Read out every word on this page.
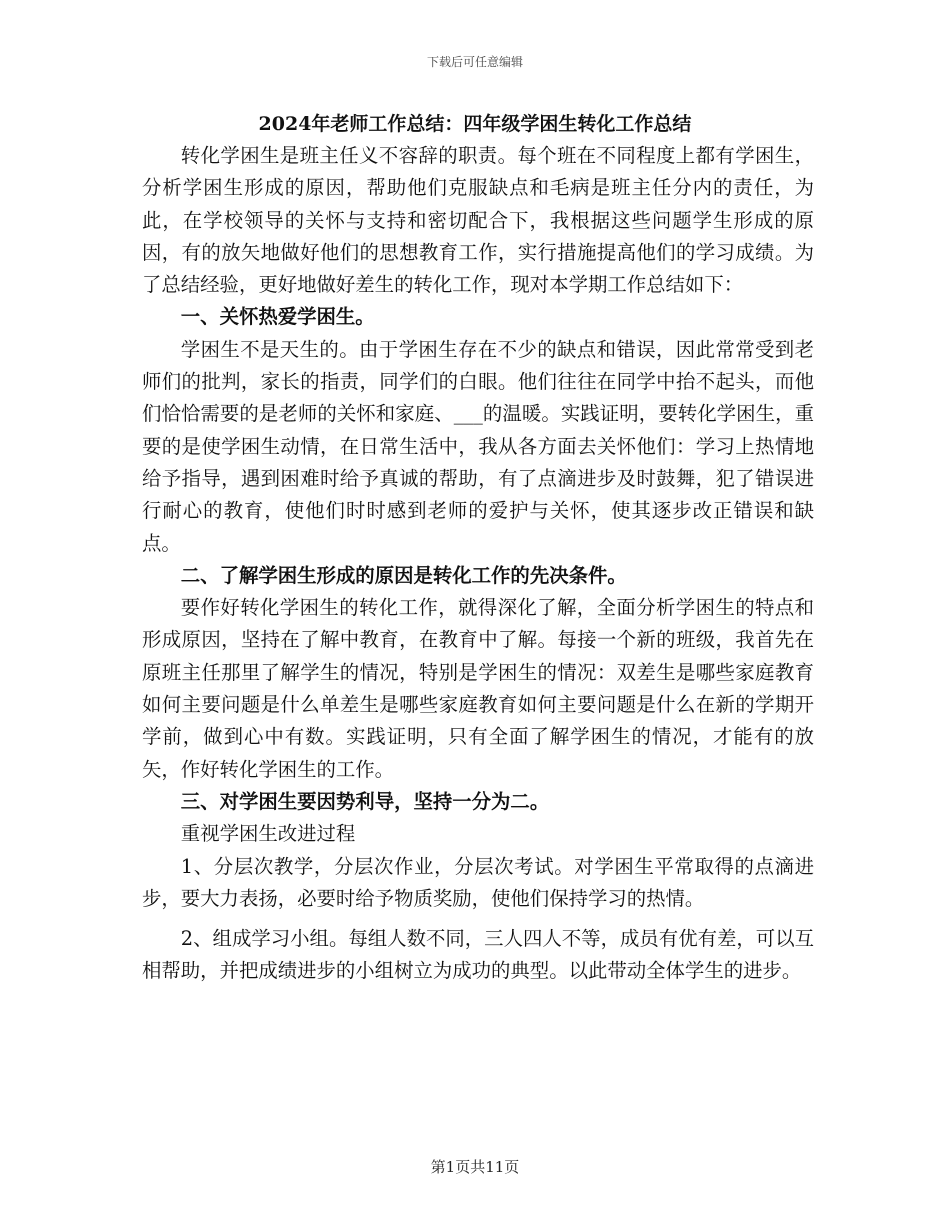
下载后可任意编辑
2024年老师工作总结：四年级学困生转化工作总结

转化学困生是班主任义不容辞的职责。每个班在不同程度上都有学困生，分析学困生形成的原因，帮助他们克服缺点和毛病是班主任分内的责任，为此，在学校领导的关怀与支持和密切配合下，我根据这些问题学生形成的原因，有的放矢地做好他们的思想教育工作，实行措施提高他们的学习成绩。为了总结经验，更好地做好差生的转化工作，现对本学期工作总结如下：

一、关怀热爱学困生。

学困生不是天生的。由于学困生存在不少的缺点和错误，因此常常受到老师们的批判，家长的指责，同学们的白眼。他们往往在同学中抬不起头，而他们恰恰需要的是老师的关怀和家庭、___的温暖。实践证明，要转化学困生，重要的是使学困生动情，在日常生活中，我从各方面去关怀他们：学习上热情地给予指导，遇到困难时给予真诚的帮助，有了点滴进步及时鼓舞，犯了错误进行耐心的教育，使他们时时感到老师的爱护与关怀，使其逐步改正错误和缺点。

二、了解学困生形成的原因是转化工作的先决条件。

要作好转化学困生的转化工作，就得深化了解，全面分析学困生的特点和形成原因，坚持在了解中教育，在教育中了解。每接一个新的班级，我首先在原班主任那里了解学生的情况，特别是学困生的情况：双差生是哪些家庭教育如何主要问题是什么单差生是哪些家庭教育如何主要问题是什么在新的学期开学前，做到心中有数。实践证明，只有全面了解学困生的情况，才能有的放矢，作好转化学困生的工作。

三、对学困生要因势利导，坚持一分为二。

重视学困生改进过程

1、分层次教学，分层次作业，分层次考试。对学困生平常取得的点滴进步，要大力表扬，必要时给予物质奖励，使他们保持学习的热情。

2、组成学习小组。每组人数不同，三人四人不等，成员有优有差，可以互相帮助，并把成绩进步的小组树立为成功的典型。以此带动全体学生的进步。

第1页共11页
